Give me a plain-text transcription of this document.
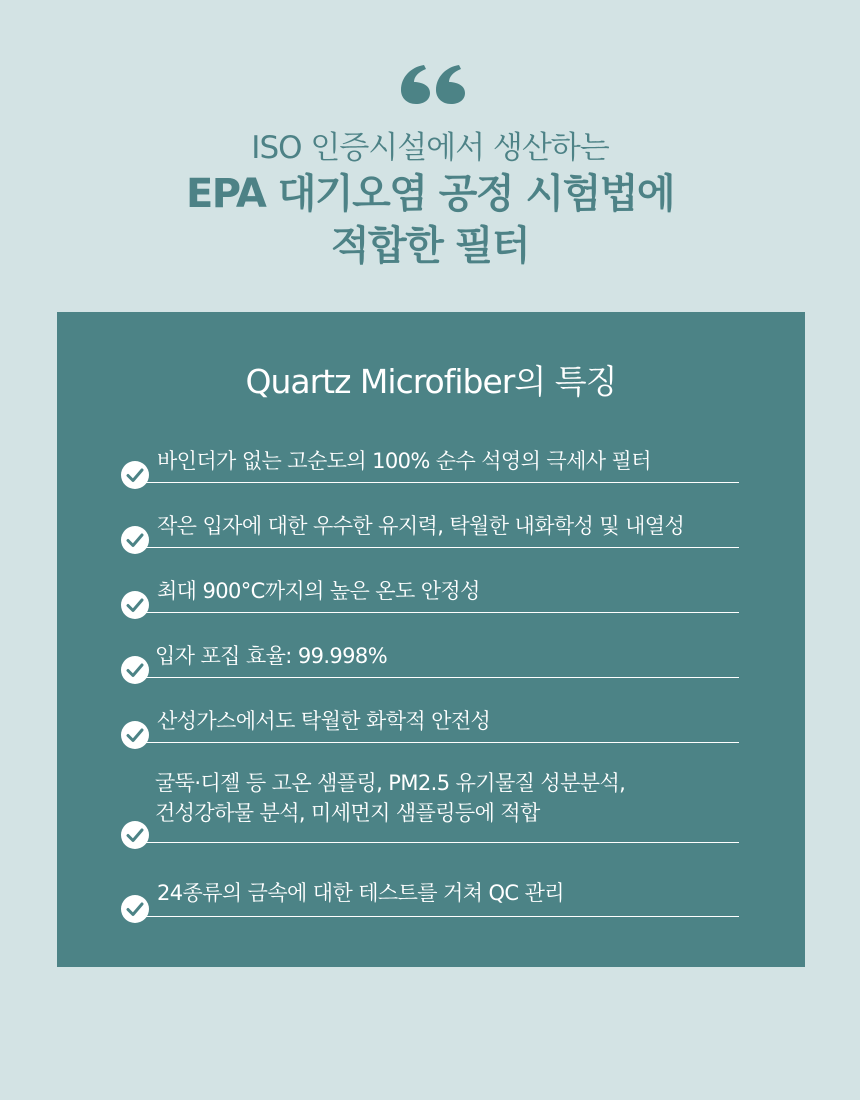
ISO 인증시설에서 생산하는
EPA 대기오염 공정 시험법에
적합한 필터
Quartz Microfiber의 특징
바인더가 없는 고순도의 100% 순수 석영의 극세사 필터
작은 입자에 대한 우수한 유지력, 탁월한 내화학성 및 내열성
최대 900°C까지의 높은 온도 안정성
입자 포집 효율: 99.998%
산성가스에서도 탁월한 화학적 안전성
굴뚝·디젤 등 고온 샘플링, PM2.5 유기물질 성분분석,
건성강하물 분석, 미세먼지 샘플링등에 적합
24종류의 금속에 대한 테스트를 거쳐 QC 관리
